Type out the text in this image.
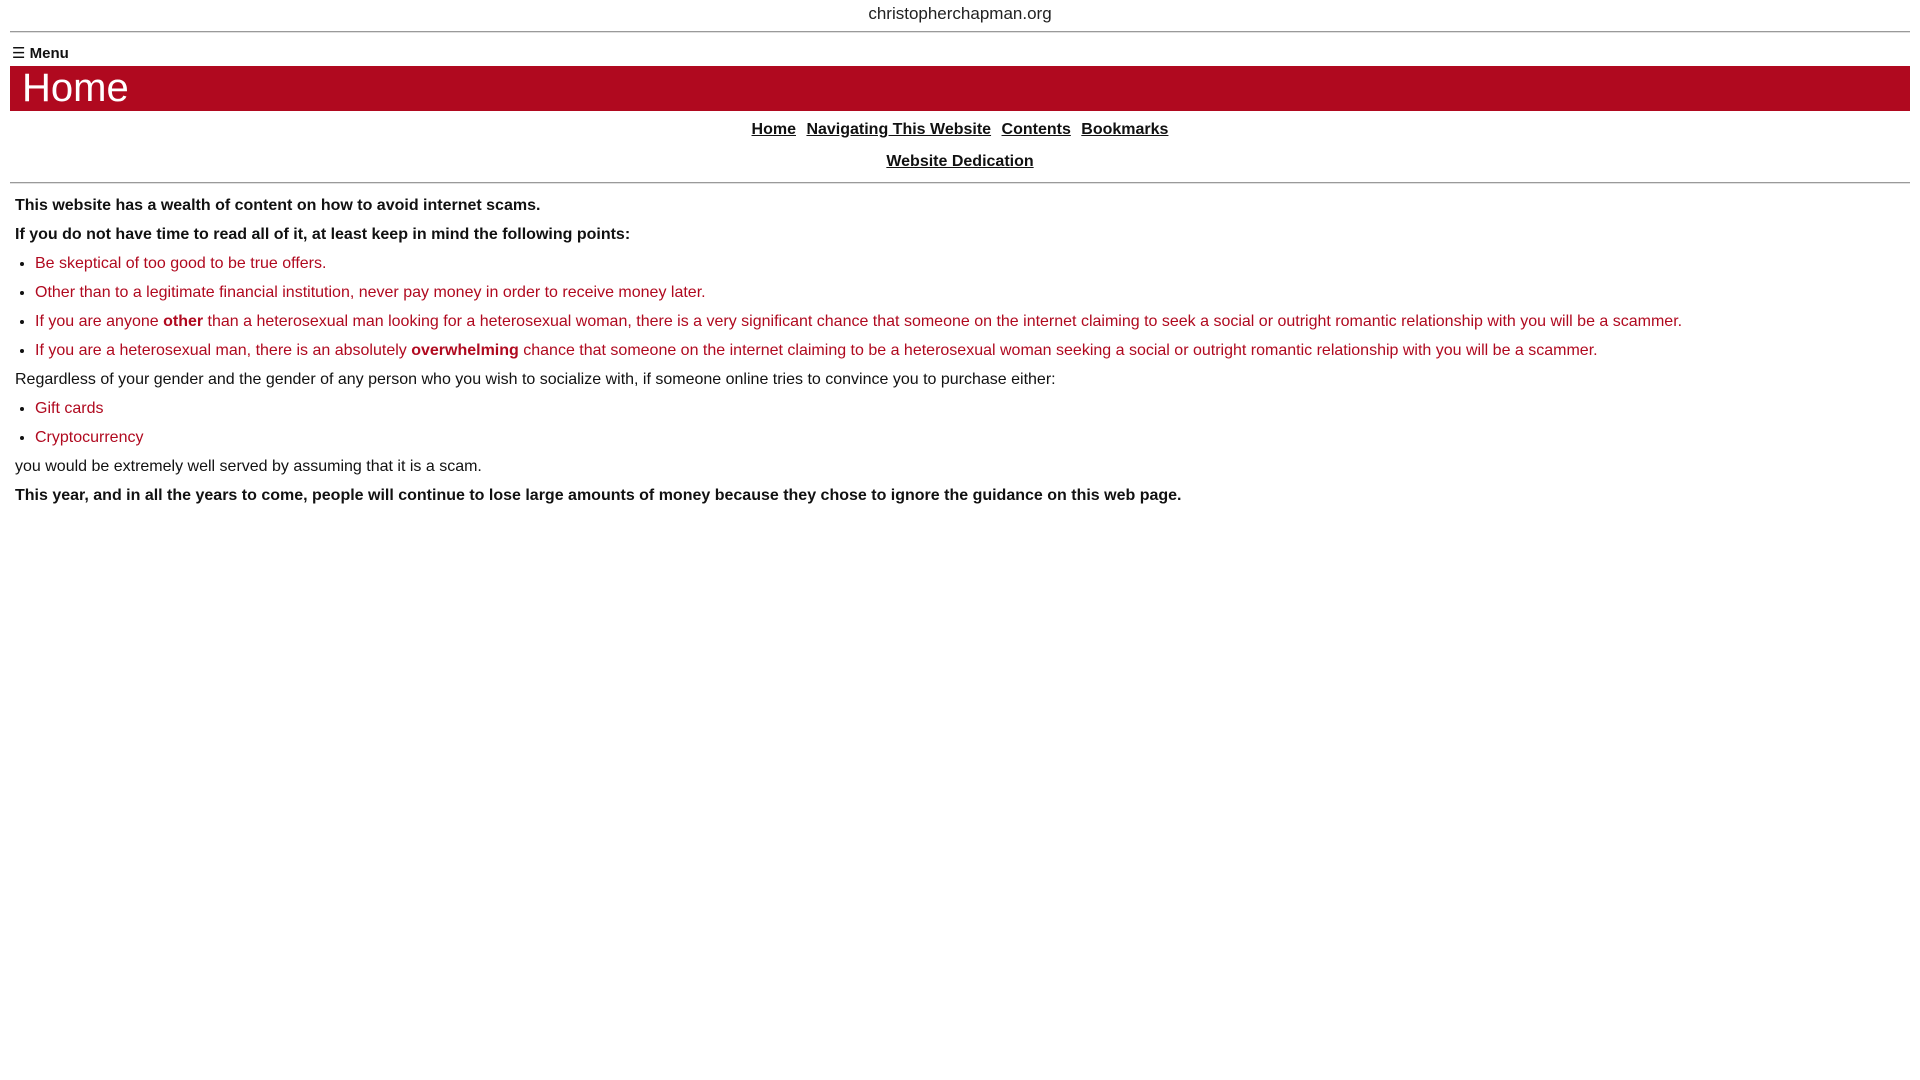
christopherchapman.org
☰ Menu
Home
Home Navigating This Website Contents Bookmarks
Website Dedication

This website has a wealth of content on how to avoid internet scams.

If you do not have time to read all of it, at least keep in mind the following points:

• Be skeptical of too good to be true offers.
• Other than to a legitimate financial institution, never pay money in order to receive money later.
• If you are anyone other than a heterosexual man looking for a heterosexual woman, there is a very significant chance that someone on the internet claiming to seek a social or outright romantic relationship with you will be a scammer.
• If you are a heterosexual man, there is an absolutely overwhelming chance that someone on the internet claiming to be a heterosexual woman seeking a social or outright romantic relationship with you will be a scammer.

Regardless of your gender and the gender of any person who you wish to socialize with, if someone online tries to convince you to purchase either:

• Gift cards
• Cryptocurrency

you would be extremely well served by assuming that it is a scam.

This year, and in all the years to come, people will continue to lose large amounts of money because they chose to ignore the guidance on this web page.
